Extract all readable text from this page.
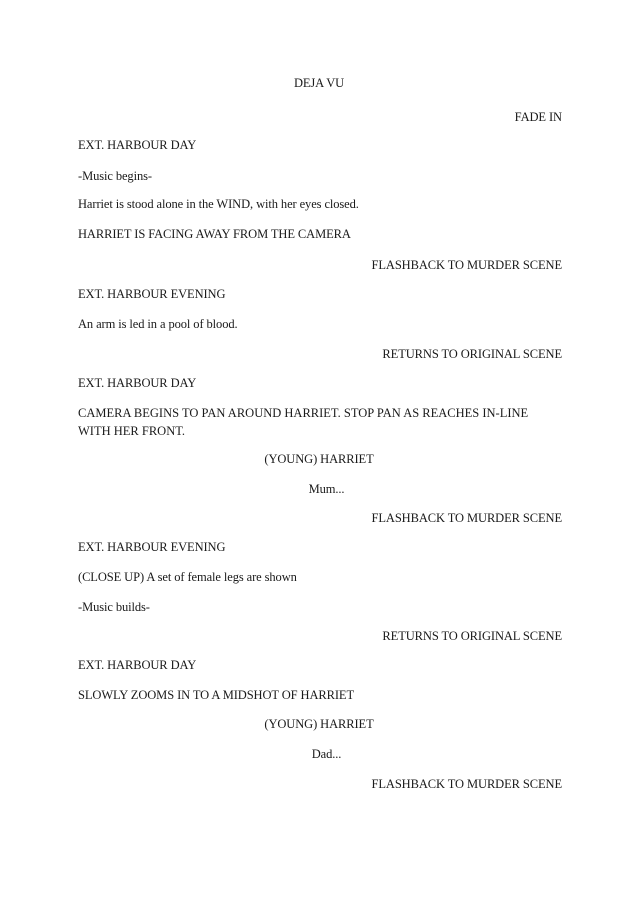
DEJA VU
FADE IN
EXT. HARBOUR DAY
-Music begins-
Harriet is stood alone in the WIND, with her eyes closed.
HARRIET IS FACING AWAY FROM THE CAMERA
FLASHBACK TO MURDER SCENE
EXT. HARBOUR EVENING
An arm is led in a pool of blood.
RETURNS TO ORIGINAL SCENE
EXT. HARBOUR DAY
CAMERA BEGINS TO PAN AROUND HARRIET. STOP PAN AS REACHES IN-LINE WITH HER FRONT.
(YOUNG) HARRIET
Mum...
FLASHBACK TO MURDER SCENE
EXT. HARBOUR EVENING
(CLOSE UP) A set of female legs are shown
-Music builds-
RETURNS TO ORIGINAL SCENE
EXT. HARBOUR DAY
SLOWLY ZOOMS IN TO A MIDSHOT OF HARRIET
(YOUNG) HARRIET
Dad...
FLASHBACK TO MURDER SCENE
